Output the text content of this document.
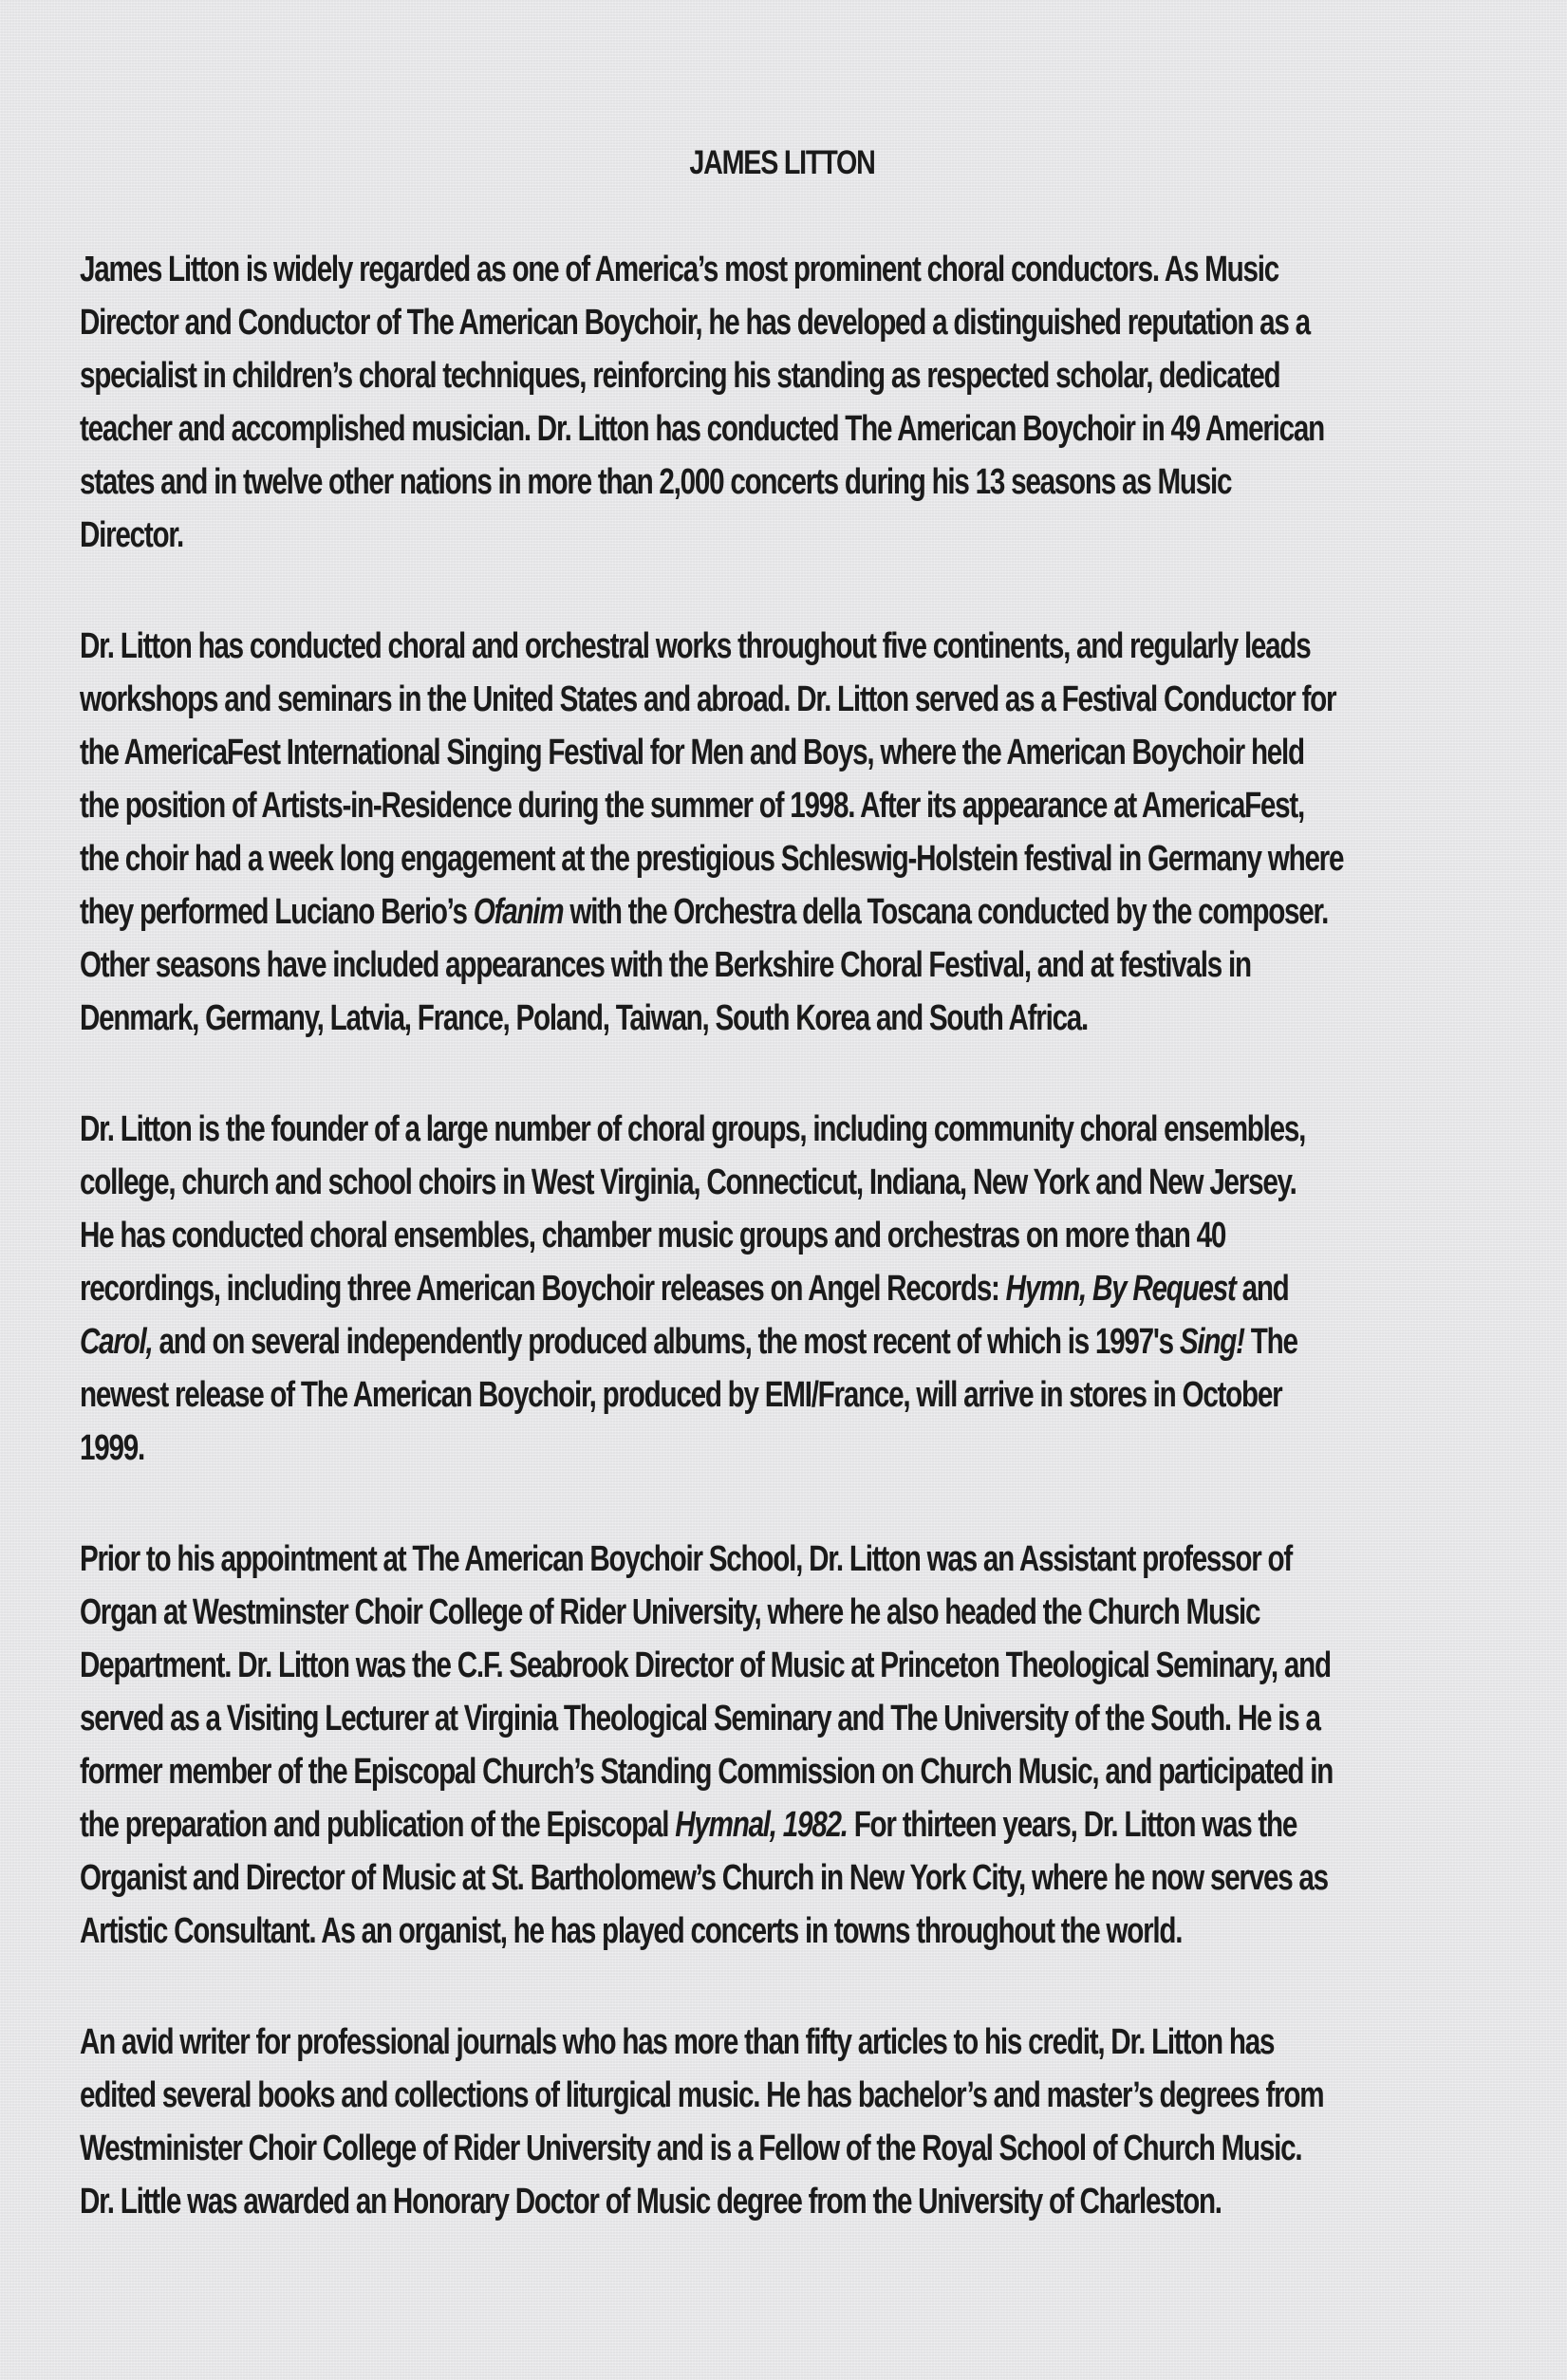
JAMES LITTON
James Litton is widely regarded as one of America’s most prominent choral conductors. As Music
Director and Conductor of The American Boychoir, he has developed a distinguished reputation as a
specialist in children’s choral techniques, reinforcing his standing as respected scholar, dedicated
teacher and accomplished musician. Dr. Litton has conducted The American Boychoir in 49 American
states and in twelve other nations in more than 2,000 concerts during his 13 seasons as Music
Director.
Dr. Litton has conducted choral and orchestral works throughout five continents, and regularly leads
workshops and seminars in the United States and abroad. Dr. Litton served as a Festival Conductor for
the AmericaFest International Singing Festival for Men and Boys, where the American Boychoir held
the position of Artists-in-Residence during the summer of 1998. After its appearance at AmericaFest,
the choir had a week long engagement at the prestigious Schleswig-Holstein festival in Germany where
they performed Luciano Berio’s Ofanim with the Orchestra della Toscana conducted by the composer.
Other seasons have included appearances with the Berkshire Choral Festival, and at festivals in
Denmark, Germany, Latvia, France, Poland, Taiwan, South Korea and South Africa.
Dr. Litton is the founder of a large number of choral groups, including community choral ensembles,
college, church and school choirs in West Virginia, Connecticut, Indiana, New York and New Jersey.
He has conducted choral ensembles, chamber music groups and orchestras on more than 40
recordings, including three American Boychoir releases on Angel Records: Hymn, By Request and
Carol, and on several independently produced albums, the most recent of which is 1997's Sing! The
newest release of The American Boychoir, produced by EMI/France, will arrive in stores in October
1999.
Prior to his appointment at The American Boychoir School, Dr. Litton was an Assistant professor of
Organ at Westminster Choir College of Rider University, where he also headed the Church Music
Department. Dr. Litton was the C.F. Seabrook Director of Music at Princeton Theological Seminary, and
served as a Visiting Lecturer at Virginia Theological Seminary and The University of the South. He is a
former member of the Episcopal Church’s Standing Commission on Church Music, and participated in
the preparation and publication of the Episcopal Hymnal, 1982. For thirteen years, Dr. Litton was the
Organist and Director of Music at St. Bartholomew’s Church in New York City, where he now serves as
Artistic Consultant. As an organist, he has played concerts in towns throughout the world.
An avid writer for professional journals who has more than fifty articles to his credit, Dr. Litton has
edited several books and collections of liturgical music. He has bachelor’s and master’s degrees from
Westminister Choir College of Rider University and is a Fellow of the Royal School of Church Music.
Dr. Little was awarded an Honorary Doctor of Music degree from the University of Charleston.
